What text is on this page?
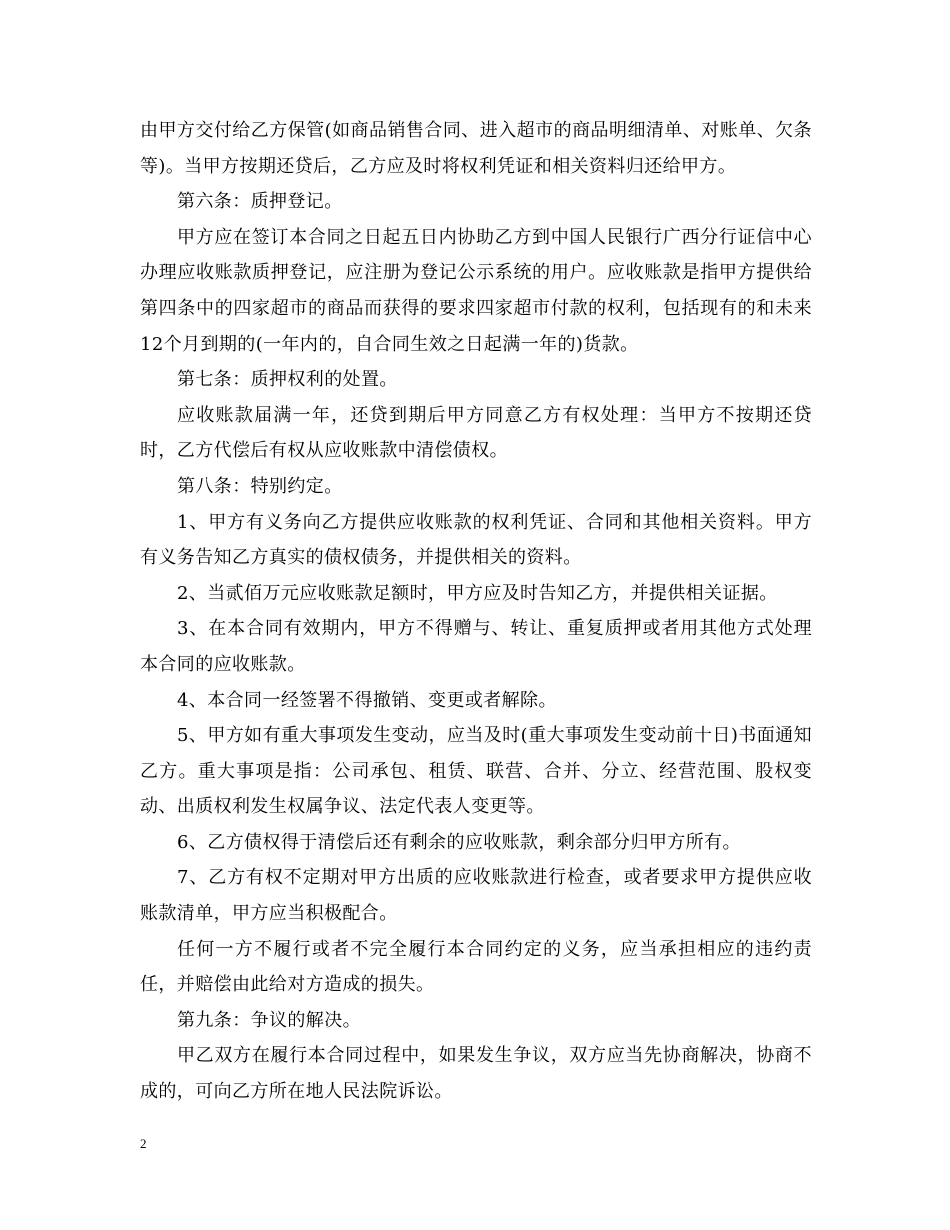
由甲方交付给乙方保管(如商品销售合同、进入超市的商品明细清单、对账单、欠条等)。当甲方按期还贷后，乙方应及时将权利凭证和相关资料归还给甲方。

第六条：质押登记。

甲方应在签订本合同之日起五日内协助乙方到中国人民银行广西分行证信中心办理应收账款质押登记，应注册为登记公示系统的用户。应收账款是指甲方提供给第四条中的四家超市的商品而获得的要求四家超市付款的权利，包括现有的和未来12个月到期的(一年内的，自合同生效之日起满一年的)货款。

第七条：质押权利的处置。

应收账款届满一年，还贷到期后甲方同意乙方有权处理：当甲方不按期还贷时，乙方代偿后有权从应收账款中清偿债权。

第八条：特别约定。

1、甲方有义务向乙方提供应收账款的权利凭证、合同和其他相关资料。甲方有义务告知乙方真实的债权债务，并提供相关的资料。

2、当贰佰万元应收账款足额时，甲方应及时告知乙方，并提供相关证据。

3、在本合同有效期内，甲方不得赠与、转让、重复质押或者用其他方式处理本合同的应收账款。

4、本合同一经签署不得撤销、变更或者解除。

5、甲方如有重大事项发生变动，应当及时(重大事项发生变动前十日)书面通知乙方。重大事项是指：公司承包、租赁、联营、合并、分立、经营范围、股权变动、出质权利发生权属争议、法定代表人变更等。

6、乙方债权得于清偿后还有剩余的应收账款，剩余部分归甲方所有。

7、乙方有权不定期对甲方出质的应收账款进行检查，或者要求甲方提供应收账款清单，甲方应当积极配合。

任何一方不履行或者不完全履行本合同约定的义务，应当承担相应的违约责任，并赔偿由此给对方造成的损失。

第九条：争议的解决。

甲乙双方在履行本合同过程中，如果发生争议，双方应当先协商解决，协商不成的，可向乙方所在地人民法院诉讼。

2
